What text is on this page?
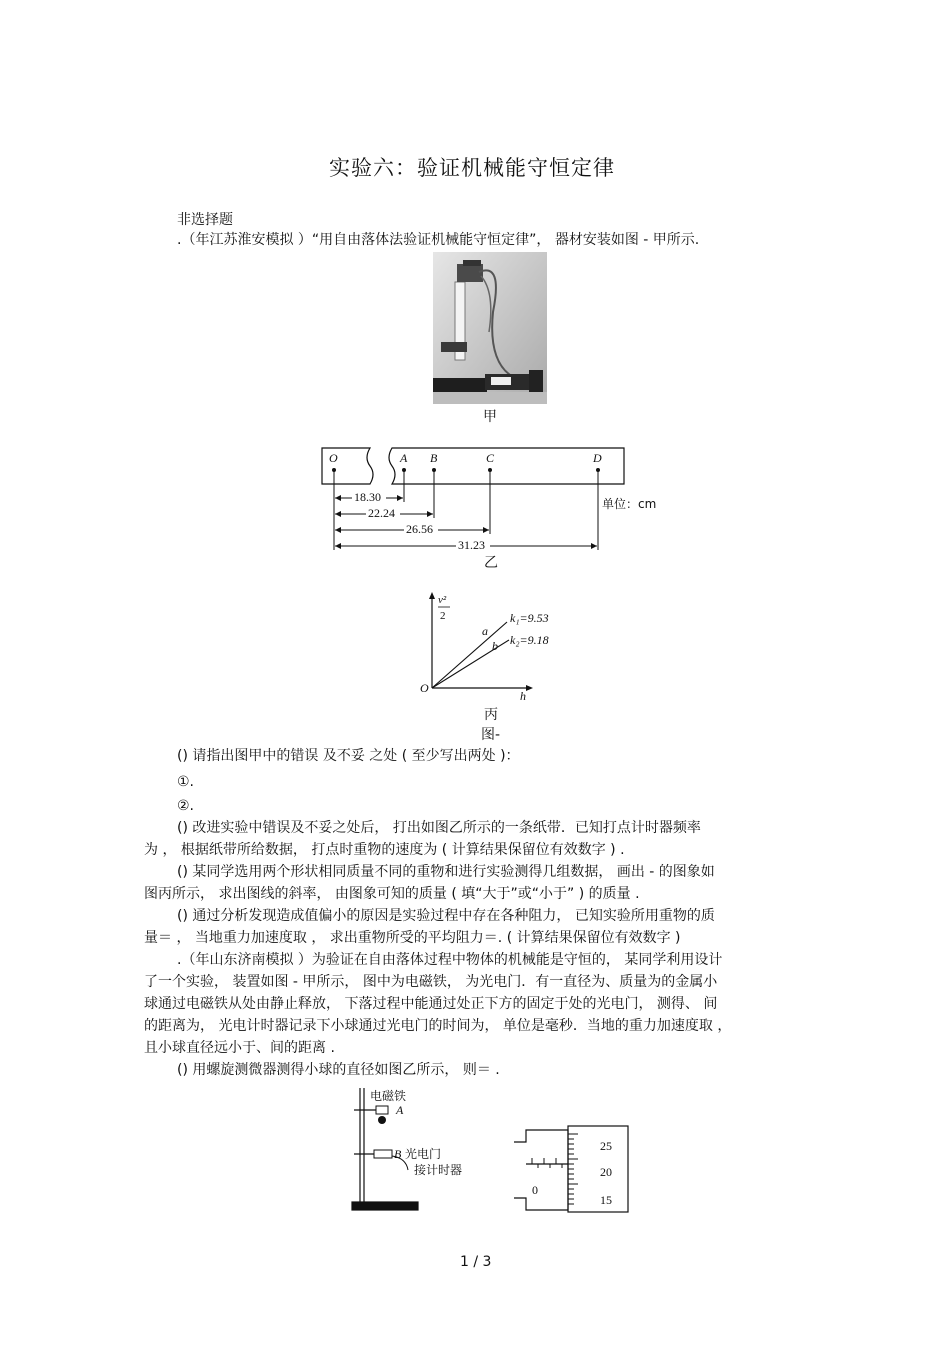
实验六：验证机械能守恒定律
非选择题
.（年江苏淮安模拟 ）“用自由落体法验证机械能守恒定律”， 器材安装如图 - 甲所示.
甲
O	A B	C	D
18.30
22.24
26.56
31.23
单位：cm
乙
v²
2
h
O
a
b
k₁=9.53
k₂=9.18
丙
图-
() 请指出图甲中的错误 及不妥 之处 ( 至少写出两处 )：
①.
②.
() 改进实验中错误及不妥之处后， 打出如图乙所示的一条纸带．已知打点计时器频率
为 ， 根据纸带所给数据， 打点时重物的速度为 ( 计算结果保留位有效数字 ) .
() 某同学选用两个形状相同质量不同的重物和进行实验测得几组数据， 画出 - 的图象如
图丙所示， 求出图线的斜率， 由图象可知的质量 ( 填“大于”或“小于” ) 的质量 .
() 通过分析发现造成值偏小的原因是实验过程中存在各种阻力， 已知实验所用重物的质
量＝ ， 当地重力加速度取 ， 求出重物所受的平均阻力＝. ( 计算结果保留位有效数字 )
.（年山东济南模拟 ）为验证在自由落体过程中物体的机械能是守恒的， 某同学利用设计
了一个实验， 装置如图 - 甲所示， 图中为电磁铁， 为光电门．有一直径为、质量为的金属小
球通过电磁铁从处由静止释放， 下落过程中能通过处正下方的固定于处的光电门， 测得、 间
的距离为， 光电计时器记录下小球通过光电门的时间为， 单位是毫秒．当地的重力加速度取 ，
且小球直径远小于、间的距离 .
() 用螺旋测微器测得小球的直径如图乙所示， 则＝ .
电磁铁
A
B 光电门
接计时器
25
20
15
0
1 / 3
